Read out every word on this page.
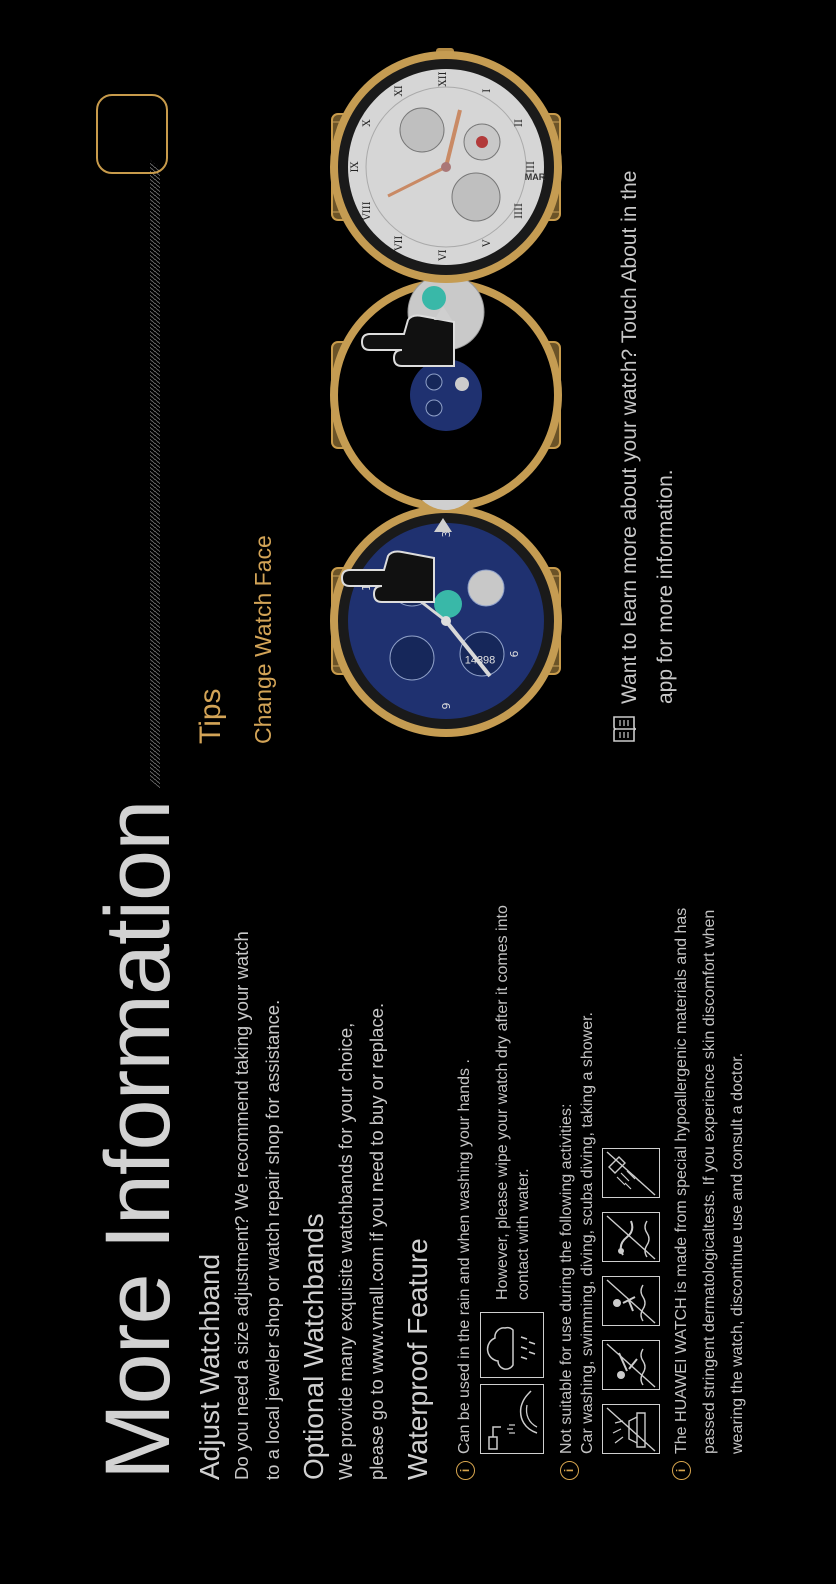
More Information Adjust Watchband Do you need a size adjustment? We recommend taking your watch to a local jeweler shop or watch repair shop for assistance. Optional Watchbands We provide many exquisite watchbands for your choice, please go to www.vmall.com if you need to buy or replace. Waterproof Feature i
Can be used in the rain and when washing your hands . However, please wipe your watch dry after it comes into contact with water.
i
Not suitable for use during the following activities: Car washing, swimming, diving, scuba diving, taking a shower.
i
The HUAWEI WATCH is made from special hypoallergenic materials and has passed stringent dermatologicaltests. If you experience skin discomfort when wearing the watch, discontinue use and consult a doctor.
Tips Change Watch Face	6
3
9
14398
XII
I
II
III
IIII
V
VI
VII
VIII
IX
X
XI
MAR	Want to learn more about your watch? Touch About in the app for more information.
